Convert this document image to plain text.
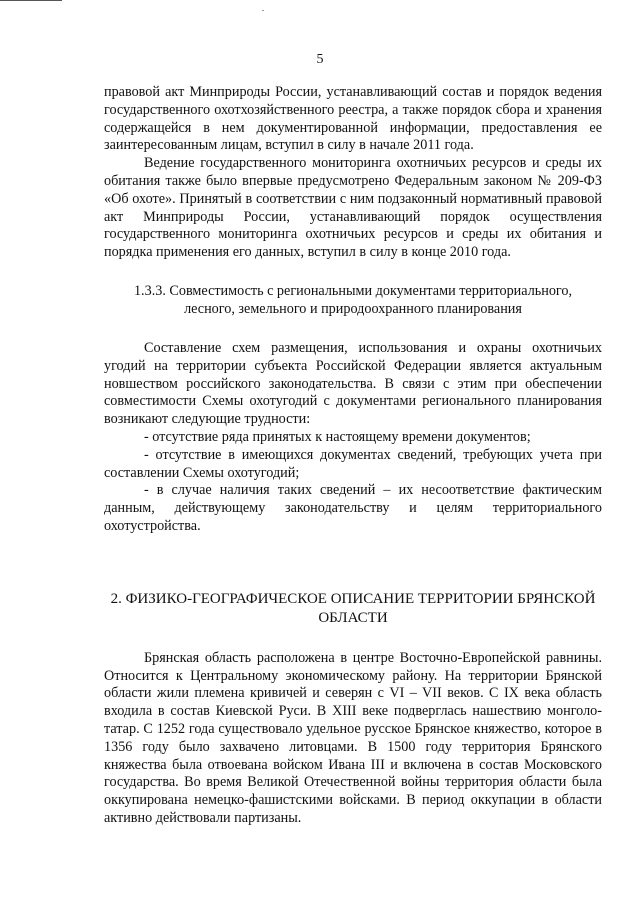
5

правовой акт Минприроды России, устанавливающий состав и порядок ведения государственного охотхозяйственного реестра, а также порядок сбора и хранения содержащейся в нем документированной информации, предоставления ее заинтересованным лицам, вступил в силу в начале 2011 года.

Ведение государственного мониторинга охотничьих ресурсов и среды их обитания также было впервые предусмотрено Федеральным законом № 209-ФЗ «Об охоте». Принятый в соответствии с ним подзаконный нормативный правовой акт Минприроды России, устанавливающий порядок осуществления государственного мониторинга охотничьих ресурсов и среды их обитания и порядка применения его данных, вступил в силу в конце 2010 года.

1.3.3. Совместимость с региональными документами территориального,
лесного, земельного и природоохранного планирования

Составление схем размещения, использования и охраны охотничьих угодий на территории субъекта Российской Федерации является актуальным новшеством российского законодательства. В связи с этим при обеспечении совместимости Схемы охотугодий с документами регионального планирования возникают следующие трудности:

- отсутствие ряда принятых к настоящему времени документов;

- отсутствие в имеющихся документах сведений, требующих учета при составлении Схемы охотугодий;

- в случае наличия таких сведений – их несоответствие фактическим данным, действующему законодательству и целям территориального охотустройства.

2. ФИЗИКО-ГЕОГРАФИЧЕСКОЕ ОПИСАНИЕ ТЕРРИТОРИИ БРЯНСКОЙ
ОБЛАСТИ

Брянская область расположена в центре Восточно-Европейской равнины. Относится к Центральному экономическому району. На территории Брянской области жили племена кривичей и северян с VI – VII веков. С IX века область входила в состав Киевской Руси. В XIII веке подверглась нашествию монголо-татар. С 1252 года существовало удельное русское Брянское княжество, которое в 1356 году было захвачено литовцами. В 1500 году территория Брянского княжества была отвоевана войском Ивана III и включена в состав Московского государства. Во время Великой Отечественной войны территория области была оккупирована немецко-фашистскими войсками. В период оккупации в области активно действовали партизаны.
